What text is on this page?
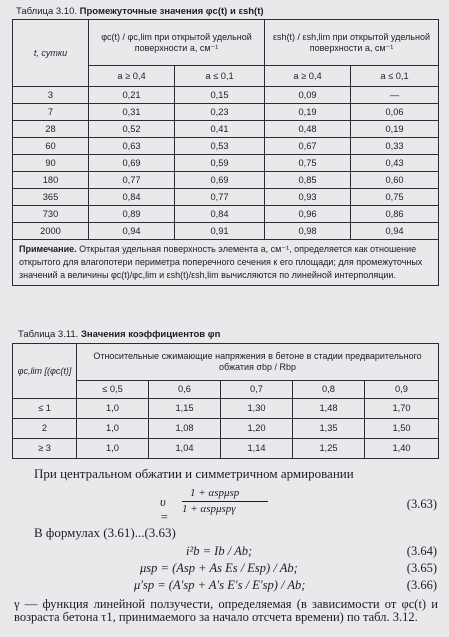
Таблица 3.10. Промежуточные значения φc(t) и εsh(t)
t, сутки	φc(t) / φc,lim при открытой удельной поверхности a, см⁻¹		εsh(t) / εsh,lim при открытой удельной поверхности a, см⁻¹	
	a ≥ 0,4	a ≤ 0,1	a ≥ 0,4	a ≤ 0,1
3	0,21	0,15	0,09	—
7	0,31	0,23	0,19	0,06
28	0,52	0,41	0,48	0,19
60	0,63	0,53	0,67	0,33
90	0,69	0,59	0,75	0,43
180	0,77	0,69	0,85	0,60
365	0,84	0,77	0,93	0,75
730	0,89	0,84	0,96	0,86
2000	0,94	0,91	0,98	0,94
Примечание. Открытая удельная поверхность элемента a, см⁻¹, определяется как отношение открытого для влагопотери периметра поперечного сечения к его площади; для промежуточных значений a величины φc(t)/φc,lim и εsh(t)/εsh,lim вычисляются по линейной интерполяции.				
Таблица 3.11. Значения коэффициентов φn
φc,lim [(φc(t)]	Относительные сжимающие напряжения в бетоне в стадии предварительного обжатия σbp / Rbp				
	≤ 0,5	0,6	0,7	0,8	0,9
≤ 1	1,0	1,15	1,30	1,48	1,70
2	1,0	1,08	1,20	1,35	1,50
≥ 3	1,0	1,04	1,14	1,25	1,40
При центральном обжатии и симметричном армировании
υ =
1 + αspμsp
1 + αspμspγ	(3.63)
В формулах (3.61)...(3.63)
i²b = Ib / Ab;	(3.64)
μsp = (Asp + As Es / Esp) / Ab;	(3.65)
μ′sp = (A′sp + A′s E′s / E′sp) / Ab;	(3.66)
γ — функция линейной ползучести, определяемая (в зависимости от φc(t) и возраста бетона τ1, принимаемого за начало отсчета времени) по табл. 3.12.
